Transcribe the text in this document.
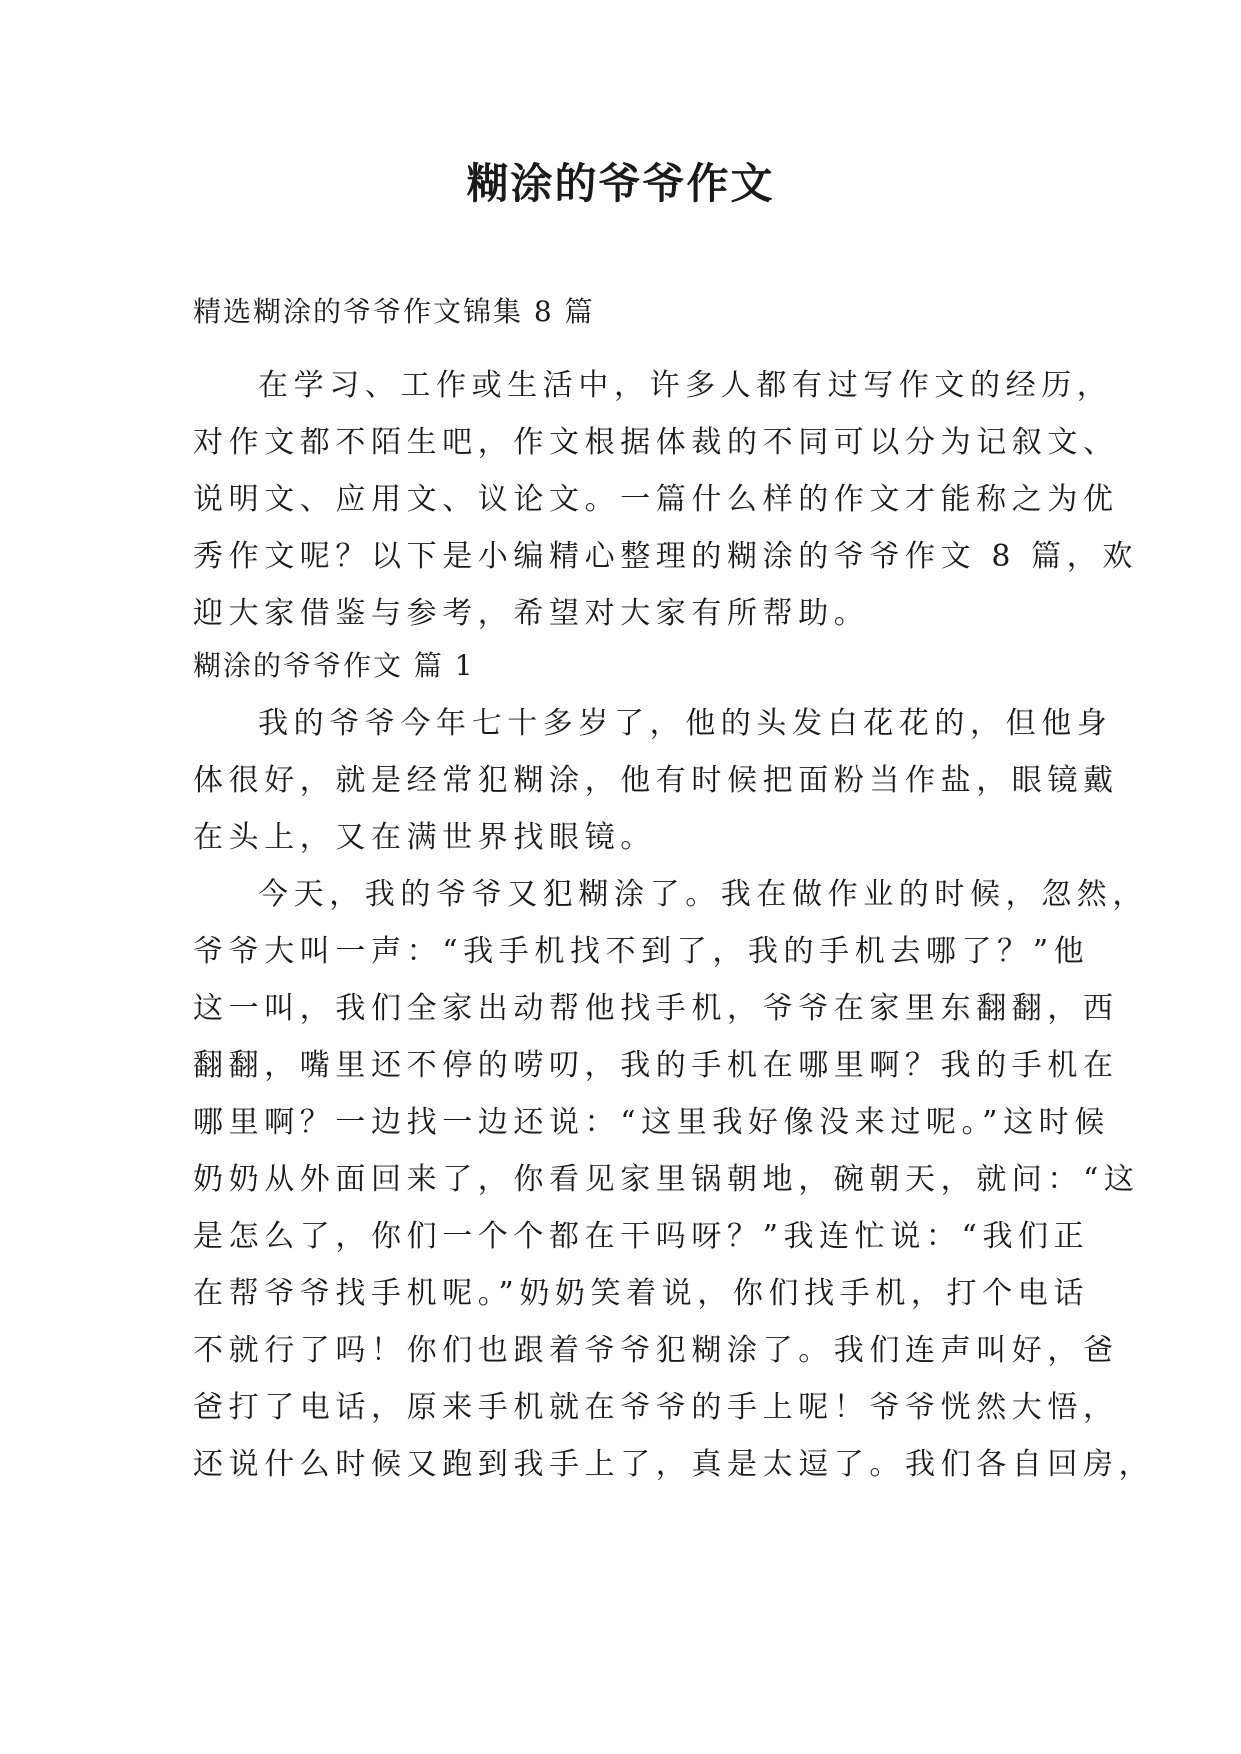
糊涂的爷爷作文

精选糊涂的爷爷作文锦集 8 篇

在学习、工作或生活中，许多人都有过写作文的经历，

对作文都不陌生吧，作文根据体裁的不同可以分为记叙文、

说明文、应用文、议论文。一篇什么样的作文才能称之为优

秀作文呢？以下是小编精心整理的糊涂的爷爷作文 8 篇，欢

迎大家借鉴与参考，希望对大家有所帮助。

糊涂的爷爷作文 篇 1

我的爷爷今年七十多岁了，他的头发白花花的，但他身

体很好，就是经常犯糊涂，他有时候把面粉当作盐，眼镜戴

在头上，又在满世界找眼镜。

今天，我的爷爷又犯糊涂了。我在做作业的时候，忽然，

爷爷大叫一声：“我手机找不到了，我的手机去哪了？”他

这一叫，我们全家出动帮他找手机，爷爷在家里东翻翻，西

翻翻，嘴里还不停的唠叨，我的手机在哪里啊？我的手机在

哪里啊？一边找一边还说：“这里我好像没来过呢。”这时候

奶奶从外面回来了，你看见家里锅朝地，碗朝天，就问：“这

是怎么了，你们一个个都在干吗呀？”我连忙说：“我们正

在帮爷爷找手机呢。”奶奶笑着说，你们找手机，打个电话

不就行了吗！你们也跟着爷爷犯糊涂了。我们连声叫好，爸

爸打了电话，原来手机就在爷爷的手上呢！爷爷恍然大悟，

还说什么时候又跑到我手上了，真是太逗了。我们各自回房，
